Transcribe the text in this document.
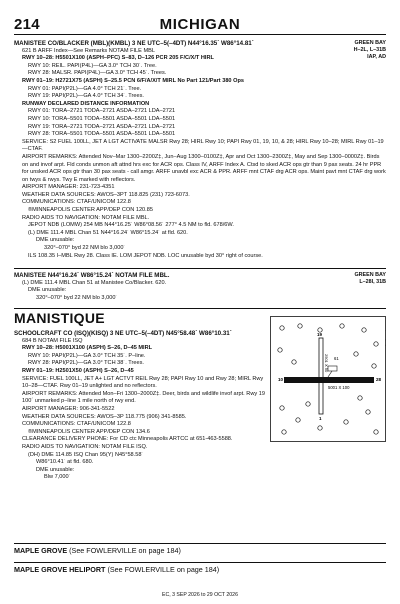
214	MICHIGAN
GREEN BAY
H–2L, L–31B
IAP, AD
MANISTEE CO/BLACKER (MBL)(KMBL) 3 NE UTC–5(–4DT) N44°16.35´ W86°14.81´
621 B ARFF Index—See Remarks NOTAM FILE MBL
RWY 10–28: H5501X100 (ASPH–PFC) S–83, D–126 PCR 205 F/C/X/T HIRL
RWY 10: REIL. PAPI(P4L)—GA 3.0° TCH 30´. Tree.
RWY 28: MALSR. PAPI(P4L)—GA 3.0° TCH 45´. Trees.
RWY 01–19: H2721X75 (ASPH) S–25.5 PCN 6/F/A/X/T MIRL No Part 121/Part 380 Ops
RWY 01: PAPI(P2L)—GA 4.0° TCH 21´. Tree.
RWY 19: PAPI(P2L)—GA 4.0° TCH 34´. Trees.
RUNWAY DECLARED DISTANCE INFORMATION
RWY 01: TORA–2721 TODA–2721 ASDA–2721 LDA–2721
RWY 10: TORA–5501 TODA–5501 ASDA–5501 LDA–5501
RWY 19: TORA–2721 TODA–2721 ASDA–2721 LDA–2721
RWY 28: TORA–5501 TODA–5501 ASDA–5501 LDA–5501
SERVICE: S2 FUEL 100LL, JET A LGT ACTIVATE MALSR Rwy 28; HIRL Rwy 10; PAPI Rwy 01, 19, 10, & 28; HIRL Rwy 10–28; MIRL Rwy 01–19—CTAF.
AIRPORT REMARKS: Attended Nov–Mar 1300–2200Z‡, Jun–Aug 1300–0100Z‡, Apr and Oct 1300–2300Z‡, May and Sep 1300–0000Z‡. Birds on and invof arpt. Fld conds unmon aft attnd hrs exc for ACR ops. Class IV, ARFF Index A. Ctsd to sked ACR ops gtr than 9 pax seats. 24 hr PPR for unsked ACR ops gtr than 30 pax seats - call amgr. ARFF unavbl exc ACR & PPR. ARFF mnt CTAF drg ACR ops. Maint pavt mnt CTAF drg work on twys & rwys. Twy E marked with reflectors.
AIRPORT MANAGER: 231-723-4351
WEATHER DATA SOURCES: AWOS–3PT 118.825 (231) 723-6073.
COMMUNICATIONS: CTAF/UNICOM 122.8
®MINNEAPOLIS CENTER APP/DEP CON 120.85
RADIO AIDS TO NAVIGATION: NOTAM FILE MBL.
JEPOT NDB (LOMW) 254 MB N44°16.25´ W86°08.56´ 277° 4.5 NM to fld. 678/6W.
(L) DME 111.4 MBL Chan 51 N44°16.24´ W86°15.24´ at fld. 620.
DME unusable:
320°–070° byd 22 NM blo 3,000´
ILS 108.35 I–MBL Rwy 28. Class IE. LOM JEPOT NDB. LOC unusable byd 30° right of course.
GREEN BAY
L–28I, 31B
MANISTEE N44°16.24´ W86°15.24´ NOTAM FILE MBL.
(L) DME 111.4 MBL Chan 51 at Manistee Co/Blacker. 620.
DME unusable:
320°–070° byd 22 NM blo 3,000´
MANISTIQUE
SCHOOLCRAFT CO (ISQ)(KISQ) 3 NE UTC–5(–4DT) N45°58.48´ W86°10.31´
684 B NOTAM FILE ISQ
RWY 10–28: H5001X100 (ASPH) S–26, D–45 MIRL
RWY 10: PAPI(P2L)—GA 3.0° TCH 35´. P–line.
RWY 28: PAPI(P2L)—GA 3.0° TCH 38´. Trees.
RWY 01–19: H2501X50 (ASPH) S–26, D–45
SERVICE: FUEL 100LL, JET A+ LGT ACTVT REIL Rwy 28; PAPI Rwy 10 and Rwy 28; MIRL Rwy 10–28—CTAF. Rwy 01–19 unlighted and no reflectors.
AIRPORT REMARKS: Attended Mon–Fri 1300–2000Z‡. Deer, birds and wildlife invof arpt. Rwy 19 100´ unmarked p–line 1 mile north of rwy end.
AIRPORT MANAGER: 906-341-5522
WEATHER DATA SOURCES: AWOS–3P 118.775 (906) 341-8585.
COMMUNICATIONS: CTAF/UNICOM 122.8
®MINNEAPOLIS CENTER APP/DEP CON 134.6
CLEARANCE DELIVERY PHONE: For CD ctc Minneapolis ARTCC at 651-463-5588.
RADIO AIDS TO NAVIGATION: NOTAM FILE ISQ.
(DH) DME 114.85 ISQ Chan 95(Y) N45°58.58´
W86°10.41´ at fld. 680.
DME unusable:
Blw 7,000´
5001 X 100
2501 X 50
10	28
1
19
61
MAPLE GROVE (See FOWLERVILLE on page 184)
MAPLE GROVE HELIPORT (See FOWLERVILLE on page 184)
EC, 3 SEP 2026 to 29 OCT 2026
